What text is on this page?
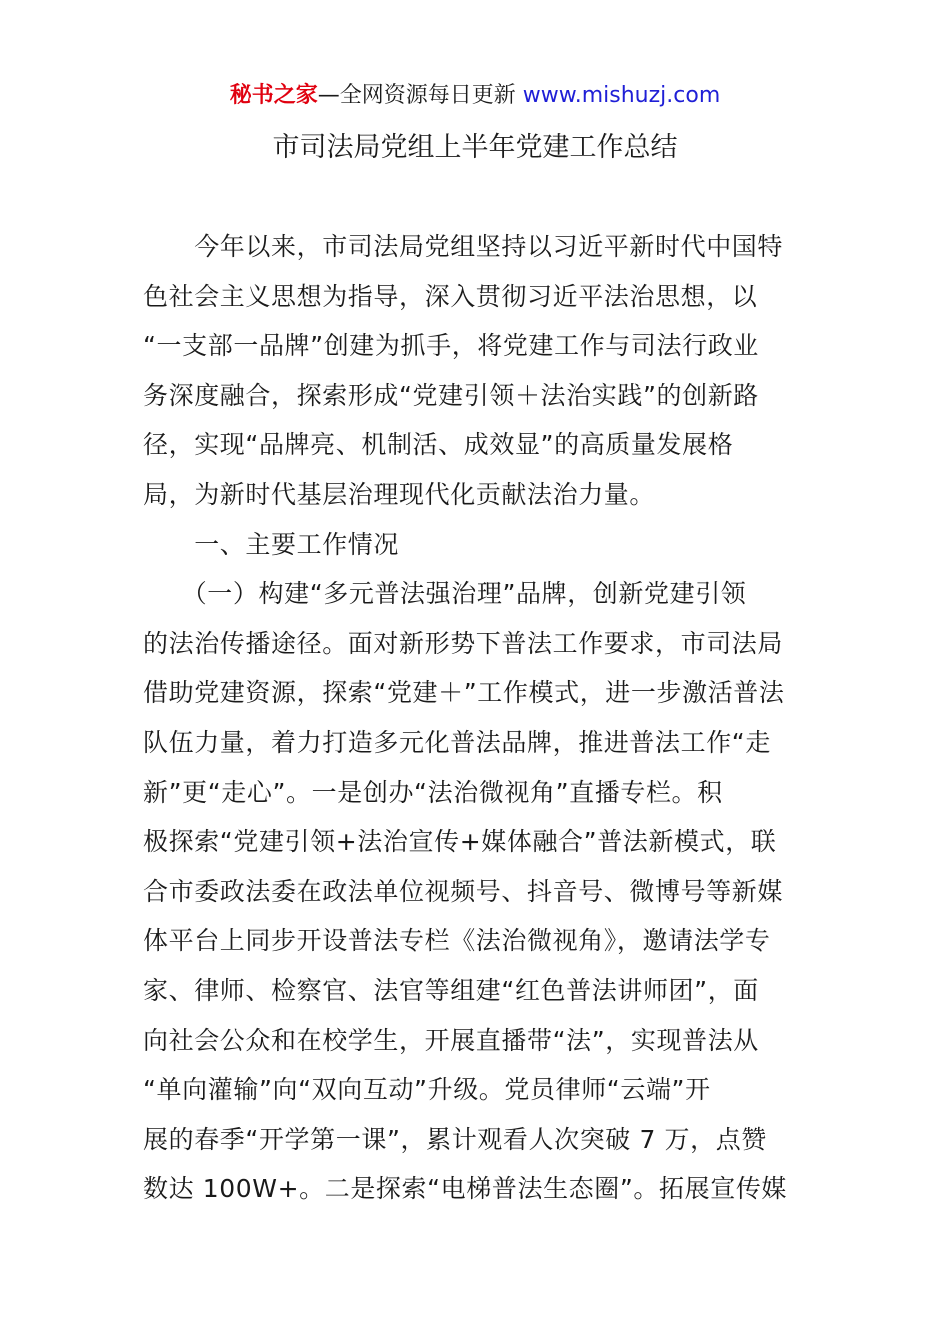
秘书之家—全网资源每日更新 www.mishuzj.com
市司法局党组上半年党建工作总结
　　今年以来，市司法局党组坚持以习近平新时代中国特
色社会主义思想为指导，深入贯彻习近平法治思想，以
“一支部一品牌”创建为抓手，将党建工作与司法行政业
务深度融合，探索形成“党建引领＋法治实践”的创新路
径，实现“品牌亮、机制活、成效显”的高质量发展格
局，为新时代基层治理现代化贡献法治力量。
　　一、主要工作情况
　　（一）构建“多元普法强治理”品牌，创新党建引领
的法治传播途径。面对新形势下普法工作要求，市司法局
借助党建资源，探索“党建＋”工作模式，进一步激活普法
队伍力量，着力打造多元化普法品牌，推进普法工作“走
新”更“走心”。一是创办“法治微视角”直播专栏。积
极探索“党建引领+法治宣传+媒体融合”普法新模式，联
合市委政法委在政法单位视频号、抖音号、微博号等新媒
体平台上同步开设普法专栏《法治微视角》，邀请法学专
家、律师、检察官、法官等组建“红色普法讲师团”，面
向社会公众和在校学生，开展直播带“法”，实现普法从
“单向灌输”向“双向互动”升级。党员律师“云端”开
展的春季“开学第一课”，累计观看人次突破 7 万，点赞
数达 100W+。二是探索“电梯普法生态圈”。拓展宣传媒
